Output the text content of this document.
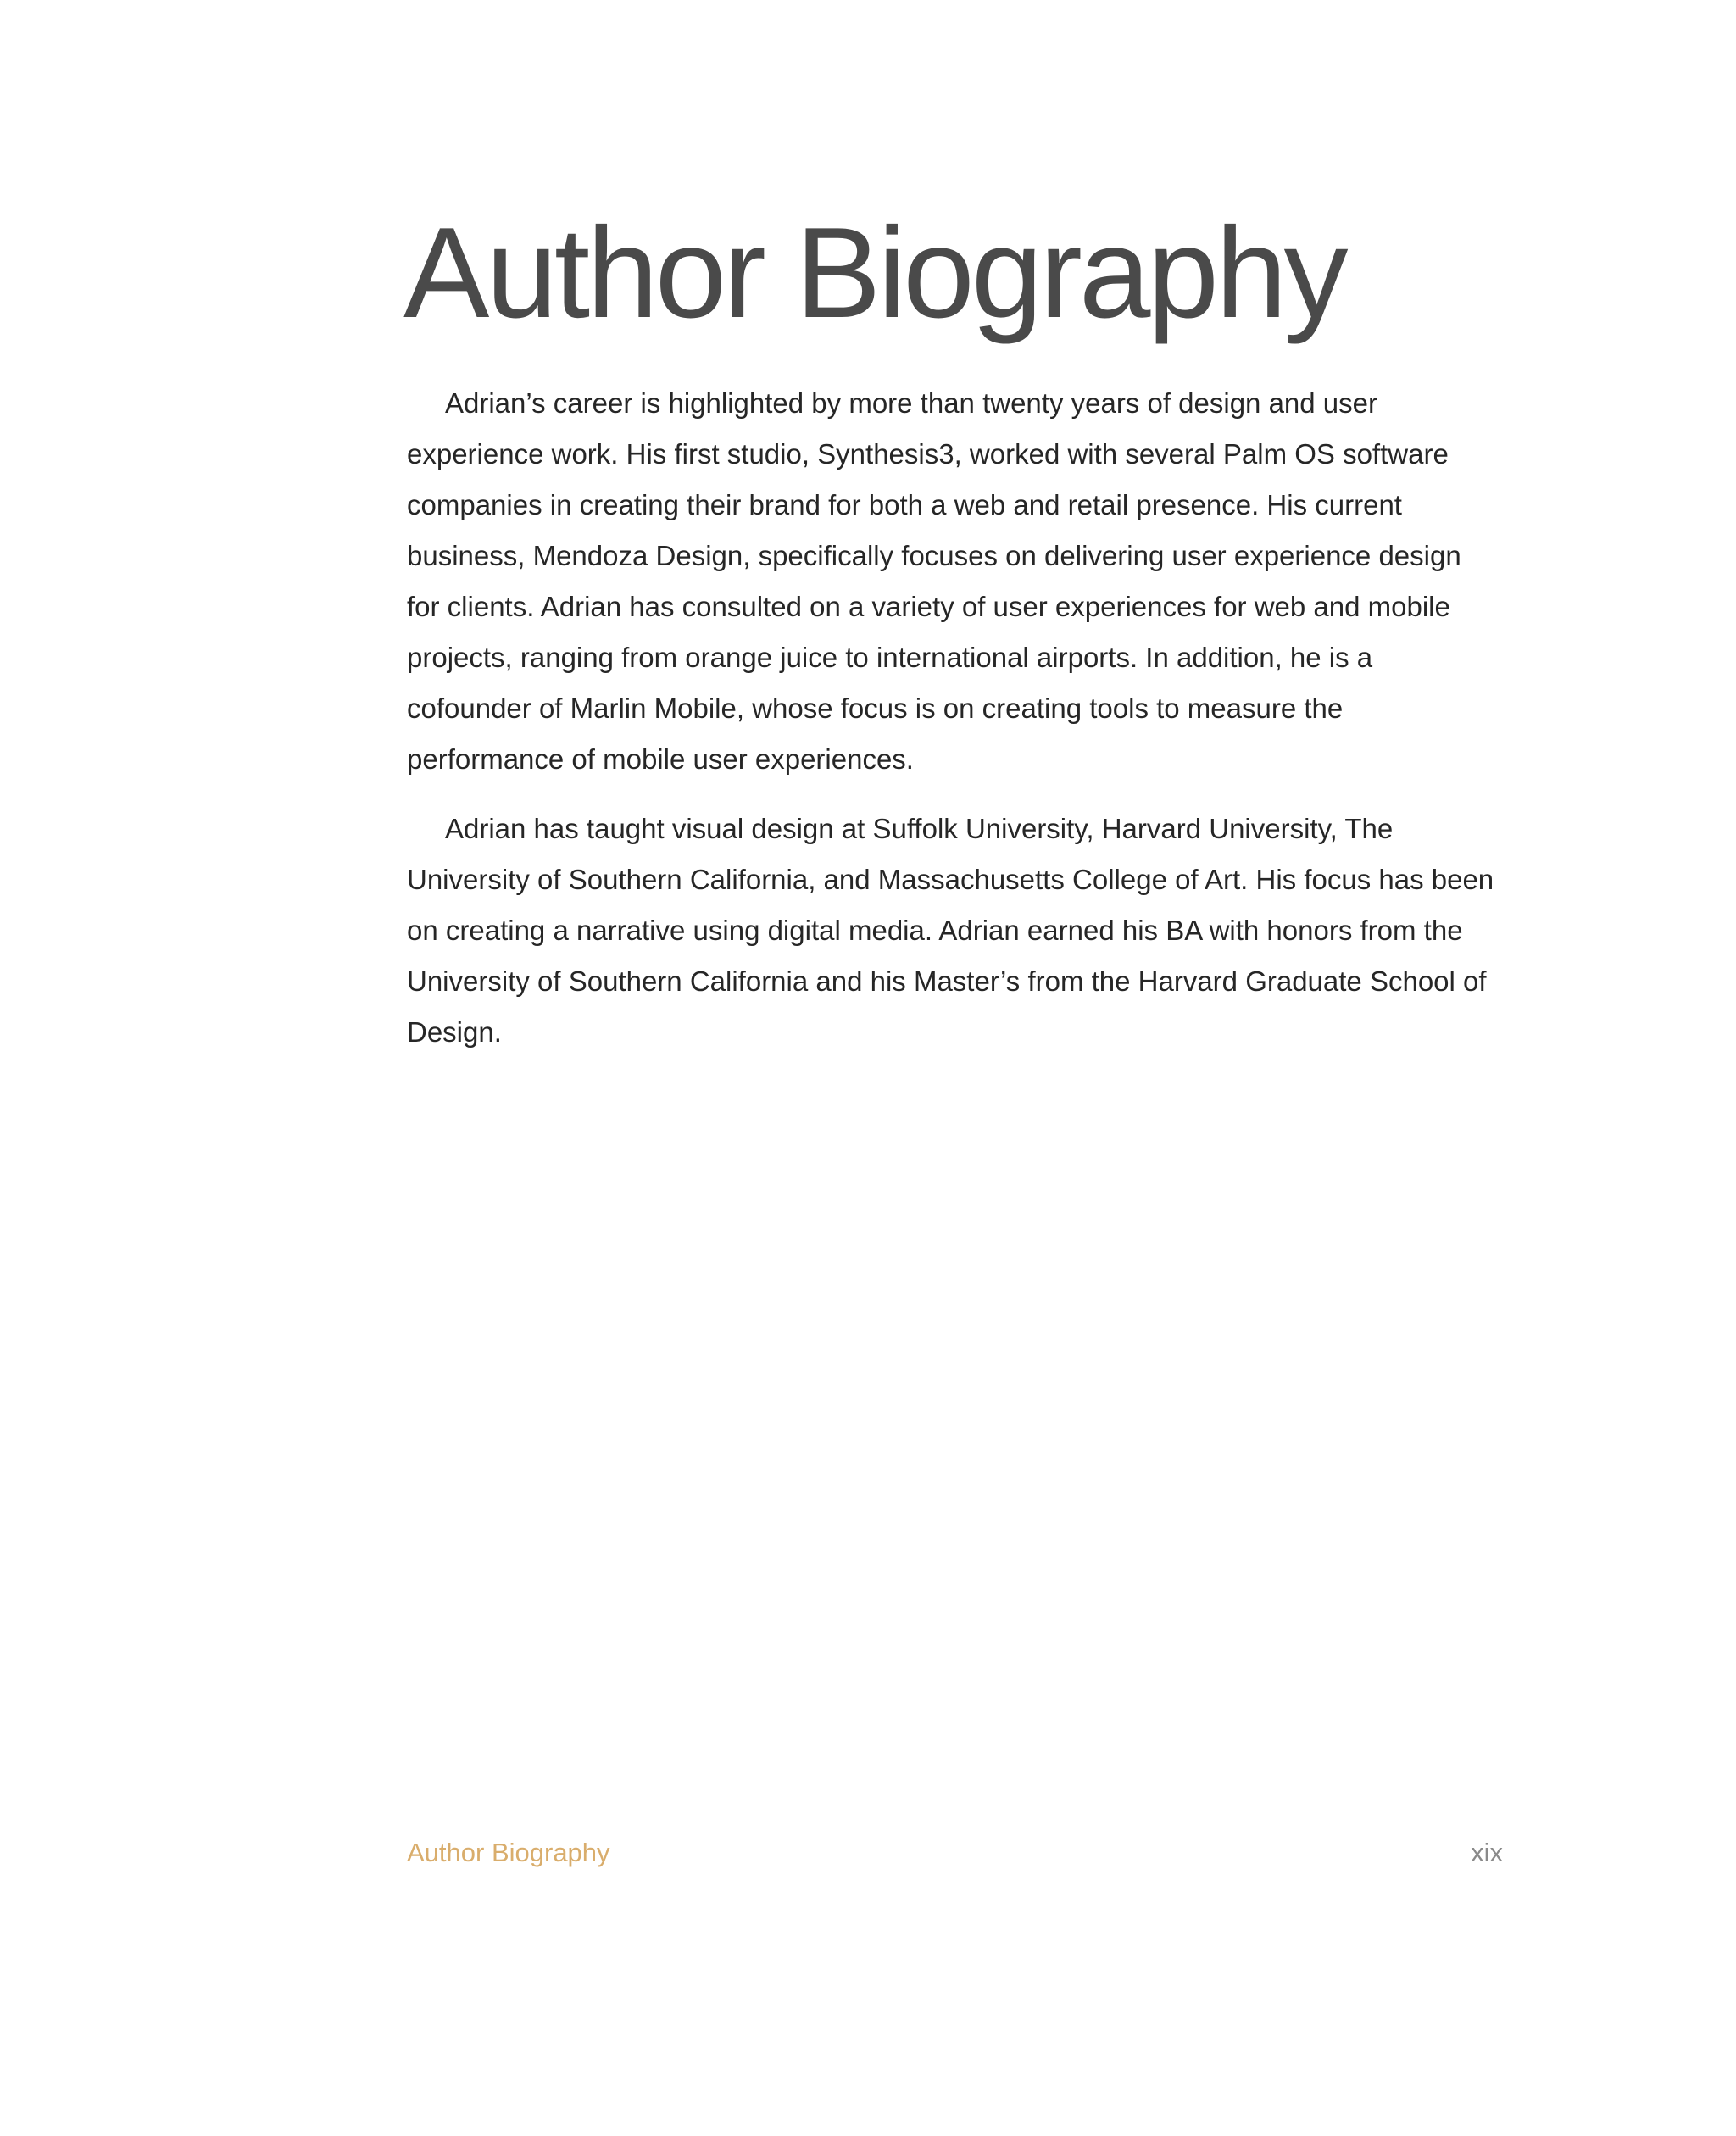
Author Biography

Adrian’s career is highlighted by more than twenty years of design and user experience work. His first studio, Synthesis3, worked with several Palm OS software companies in creating their brand for both a web and retail presence. His current business, Mendoza Design, specifically focuses on delivering user experience design for clients. Adrian has consulted on a variety of user experiences for web and mobile projects, ranging from orange juice to international airports. In addition, he is a cofounder of Marlin Mobile, whose focus is on creating tools to measure the performance of mobile user experiences.

Adrian has taught visual design at Suffolk University, Harvard University, The University of Southern California, and Massachusetts College of Art. His focus has been on creating a narrative using digital media. Adrian earned his BA with honors from the University of Southern California and his Master’s from the Harvard Graduate School of Design.

Author Biography	xix
